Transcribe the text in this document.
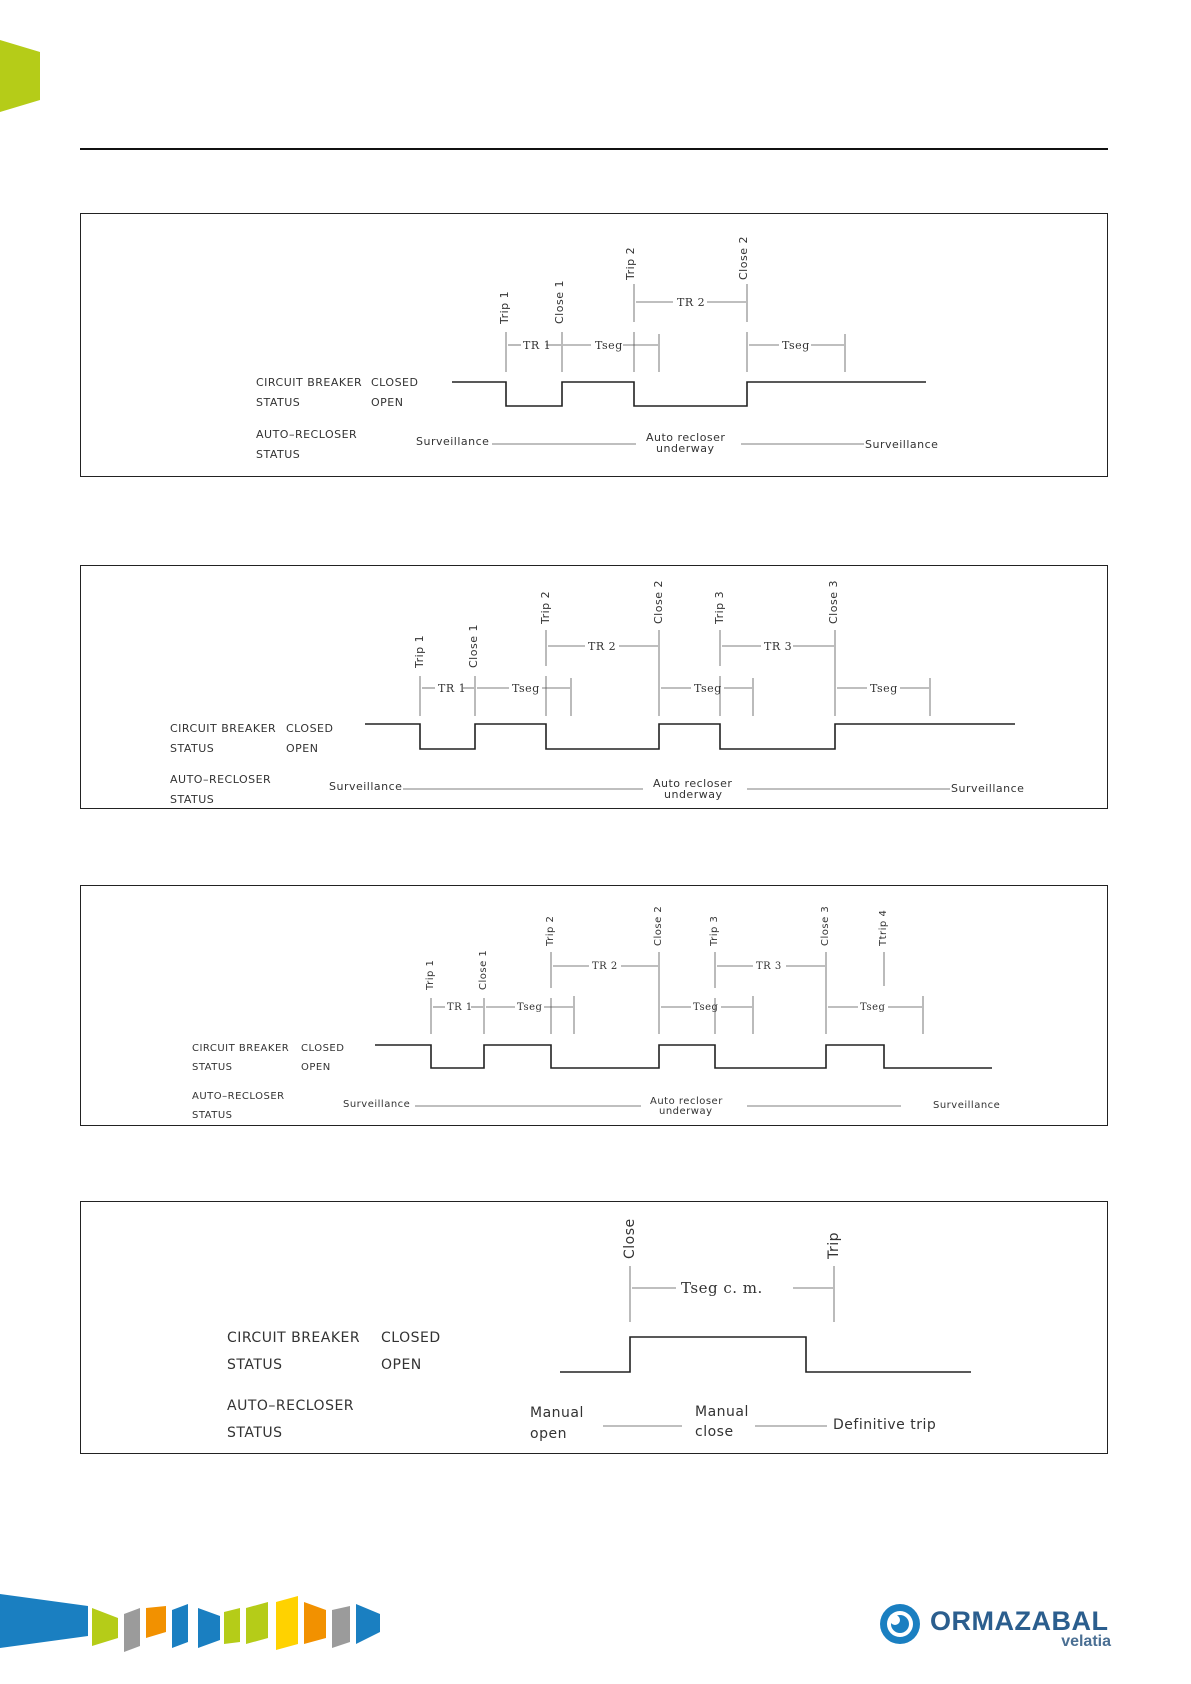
Trip 1	Close 1
Trip 2	Close 2
TR 1	Tseg
TR 2
Tseg
CIRCUIT BREAKER
STATUS
CLOSED
OPEN
AUTO–RECLOSER
STATUS
Surveillance	Auto recloser
underway	Surveillance
Trip 1	Close 1
Trip 2	Close 2	Trip 3	Close 3
TR 1	Tseg
TR 2
Tseg
TR 3
Tseg
CIRCUIT BREAKER
STATUS
CLOSED
OPEN
AUTO–RECLOSER
STATUS
Surveillance	Auto recloser
underway	Surveillance
Trip 1	Close 1
Trip 2	Close 2	Trip 3	Close 3	Ttrip 4
TR 1	Tseg
TR 2
Tseg
TR 3
Tseg
CIRCUIT BREAKER
STATUS
CLOSED
OPEN
AUTO–RECLOSER
STATUS
Surveillance	Auto recloser
underway
Surveillance
Close	Trip
Tseg c. m.
CIRCUIT BREAKER
STATUS
CLOSED
OPEN
AUTO–RECLOSER
STATUS
Manual
open
Manual
close	Definitive trip
ORMAZABAL
velatia
